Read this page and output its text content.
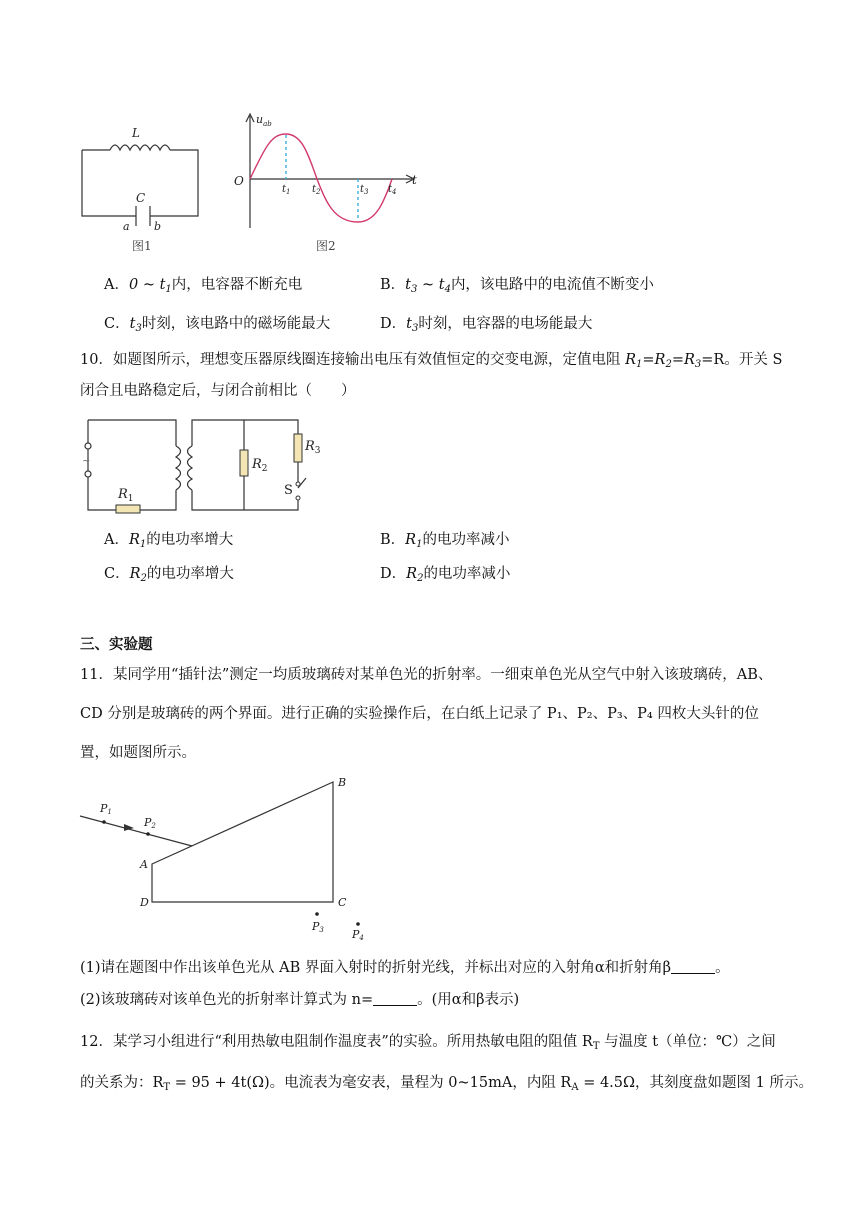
L
C
a b
图1
$u_{ab}$
O	t
$t_1$ $t_2$	$t_3$ $t_4$
图2
A．0 ~ $t_1$内，电容器不断充电	B．$t_3$ ~ $t_4$内，该电路中的电流值不断变小
C．$t_3$时刻，该电路中的磁场能最大	D．$t_3$时刻，电容器的电场能最大
10．如题图所示，理想变压器原线圈连接输出电压有效值恒定的交变电源，定值电阻 $R_1=R_2=R_3=R$。开关 S
闭合且电路稳定后，与闭合前相比（　　）
~
$R_1$
$R_2$
$R_3$
S
A．$R_1$的电功率增大	B．$R_1$的电功率减小
C．$R_2$的电功率增大	D．$R_2$的电功率减小
三、实验题
11．某同学用“插针法”测定一均质玻璃砖对某单色光的折射率。一细束单色光从空气中射入该玻璃砖，AB、
CD 分别是玻璃砖的两个界面。进行正确的实验操作后，在白纸上记录了 P₁、P₂、P₃、P₄ 四枚大头针的位
置，如题图所示。
P1
P2
P3	P4
A
B
C
D
(1)请在题图中作出该单色光从 AB 界面入射时的折射光线，并标出对应的入射角α和折射角β	。
(2)该玻璃砖对该单色光的折射率计算式为 n=	。(用α和β表示)
12．某学习小组进行“利用热敏电阻制作温度表”的实验。所用热敏电阻的阻值 $R_T$ 与温度 t（单位：℃）之间
的关系为：$R_T = 95 + 4t(\Omega)$。电流表为毫安表，量程为 0~15mA，内阻 $R_A = 4.5\Omega$，其刻度盘如题图 1 所示。
